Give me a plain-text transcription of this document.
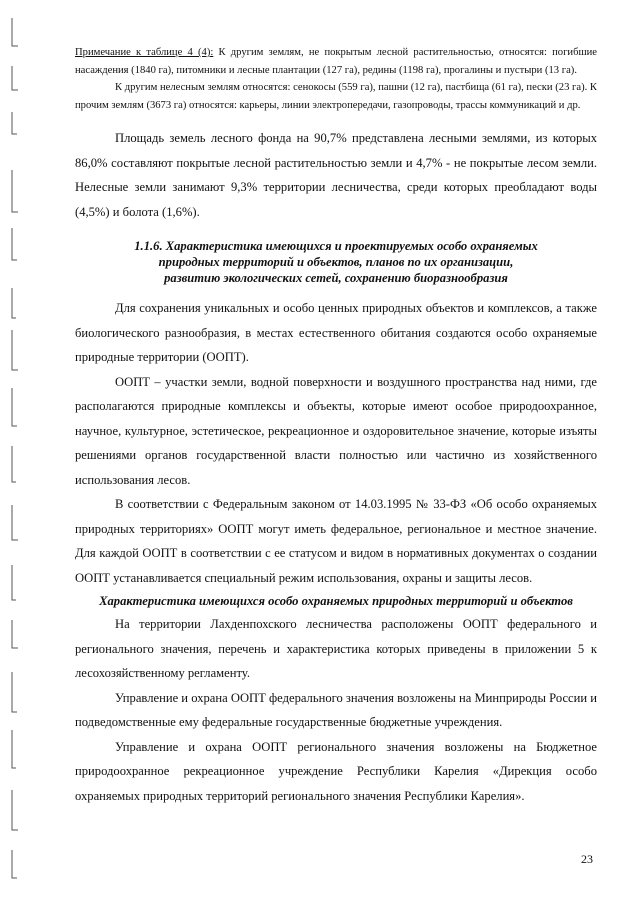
Примечание к таблице 4 (4): К другим землям, не покрытым лесной растительностью, относятся: погибшие насаждения (1840 га), питомники и лесные плантации (127 га), редины (1198 га), прогалины и пустыри (13 га).

К другим нелесным землям относятся: сенокосы (559 га), пашни (12 га), пастбища (61 га), пески (23 га). К прочим землям (3673 га) относятся: карьеры, линии электропередачи, газопроводы, трассы коммуникаций и др.

Площадь земель лесного фонда на 90,7% представлена лесными землями, из которых 86,0% составляют покрытые лесной растительностью земли и 4,7% - не покрытые лесом земли. Нелесные земли занимают 9,3% территории лесничества, среди которых преобладают воды (4,5%) и болота (1,6%).

1.1.6. Характеристика имеющихся и проектируемых особо охраняемых
природных территорий и объектов, планов по их организации,
развитию экологических сетей, сохранению биоразнообразия

Для сохранения уникальных и особо ценных природных объектов и комплексов, а также биологического разнообразия, в местах естественного обитания создаются особо охраняемые природные территории (ООПТ).

ООПТ – участки земли, водной поверхности и воздушного пространства над ними, где располагаются природные комплексы и объекты, которые имеют особое природоохранное, научное, культурное, эстетическое, рекреационное и оздоровительное значение, которые изъяты решениями органов государственной власти полностью или частично из хозяйственного использования лесов.

В соответствии с Федеральным законом от 14.03.1995 № 33-ФЗ «Об особо охраняемых природных территориях» ООПТ могут иметь федеральное, региональное и местное значение. Для каждой ООПТ в соответствии с ее статусом и видом в нормативных документах о создании ООПТ устанавливается специальный режим использования, охраны и защиты лесов.

Характеристика имеющихся особо охраняемых природных территорий и объектов

На территории Лахденпохского лесничества расположены ООПТ федерального и регионального значения, перечень и характеристика которых приведены в приложении 5 к лесохозяйственному регламенту.

Управление и охрана ООПТ федерального значения возложены на Минприроды России и подведомственные ему федеральные государственные бюджетные учреждения.

Управление и охрана ООПТ регионального значения возложены на Бюджетное природоохранное рекреационное учреждение Республики Карелия «Дирекция особо охраняемых природных территорий регионального значения Республики Карелия».

23
